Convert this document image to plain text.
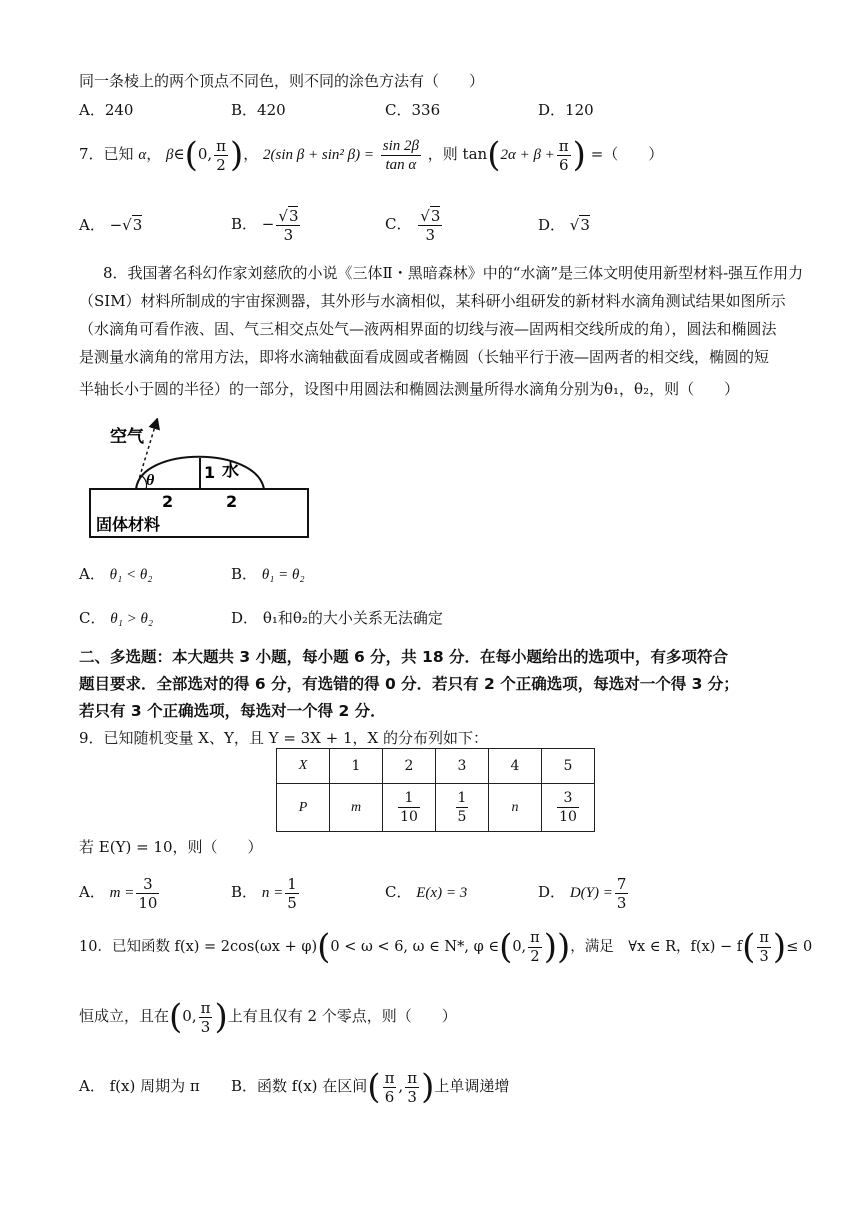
同一条棱上的两个顶点不同色，则不同的涂色方法有（　　）
A．240	B．420	C．336	D．120
7．已知 α， β∈(0, $\frac{\pi}{2}$ )， 2(sin β + sin² $\beta) = \frac{\sin 2\beta}{\text{tan α}}$ ，则 $\tan(2\alpha + \beta + \frac{\pi}{6}$ ) =（　　）
A． −√3	B． − $\frac{√3}{3}$	C． $\frac{√3}{3}$	D． √3
8．我国著名科幻作家刘慈欣的小说《三体Ⅱ・黑暗森林》中的“水滴”是三体文明使用新型材料-强互作用力
（SIM）材料所制成的宇宙探测器，其外形与水滴相似，某科研小组研发的新材料水滴角测试结果如图所示
（水滴角可看作液、固、气三相交点处气—液两相界面的切线与液—固两相交线所成的角），圆法和椭圆法
是测量水滴角的常用方法，即将水滴轴截面看成圆或者椭圆（长轴平行于液—固两者的相交线，椭圆的短
半轴长小于圆的半径）的一部分，设图中用圆法和椭圆法测量所得水滴角分别为θ₁，θ₂，则（　　）
空气
水
θ	1
2	2
固体材料
A． θ₁ < θ₂	B． θ₁ = θ₂
C． θ₁ > θ₂	D． θ₁和θ₂的大小关系无法确定
二、多选题：本大题共 3 小题，每小题 6 分，共 18 分．在每小题给出的选项中，有多项符合
题目要求．全部选对的得 6 分，有选错的得 0 分．若只有 2 个正确选项，每选对一个得 3 分；
若只有 3 个正确选项，每选对一个得 2 分．
9．已知随机变量 X、Y，且 Y = 3X + 1，X 的分布列如下：
X	1	2	3	4	5
P	m	$\frac{1}{10}$	$\frac{1}{5}$	n	$\frac{3}{10}$
若 E(Y) = 10，则（　　）
A． $m = \frac{3}{10}$	B． $n = \frac{1}{5}$	C． E(x) = 3	D． $D(Y) = \frac{7}{3}$
10．已知函数 f(x) = 2cos(ωx + φ)(0 < ω < 6, ω ∈ N*, φ ∈(0, $\frac{\pi}{2}$ ))，满足　∀x ∈ R，$f(x) - f( \frac{\pi}{3}$ )≤ 0
恒成立，且在(0, $\frac{\pi}{3}$ )上有且仅有 2 个零点，则（　　）
A． f(x) 周期为 π B．函数 f(x) 在区间( $\frac{\pi}{6}$ , $\frac{\pi}{3}$ )上单调递增
